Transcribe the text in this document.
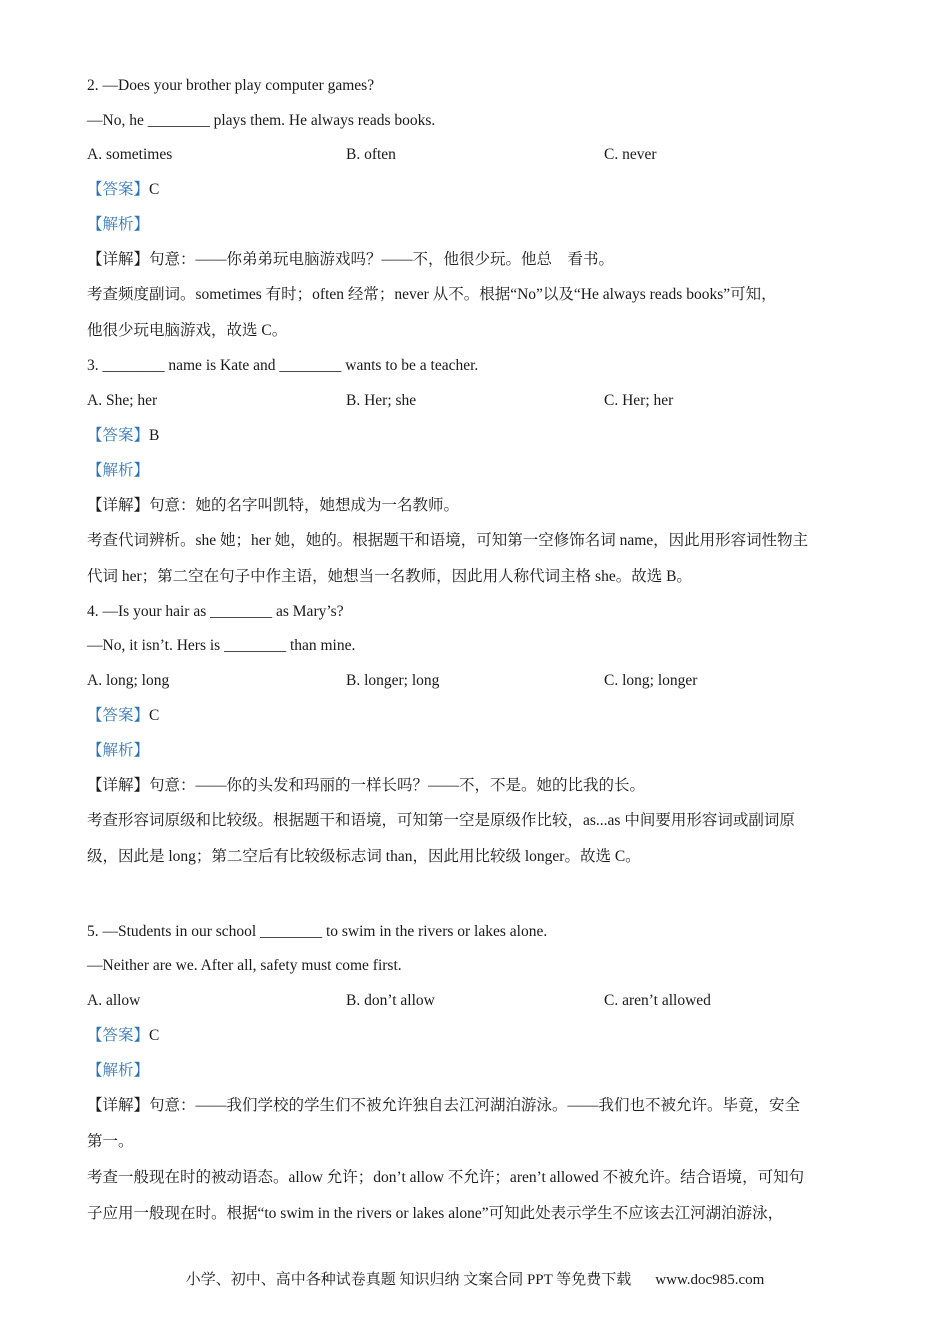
2. —Does your brother play computer games?
—No, he ________ plays them. He always reads books.
A. sometimes	B. often	C. never
【答案】C
【解析】
【详解】句意：——你弟弟玩电脑游戏吗？——不，他很少玩。他总　看书。
考查频度副词。sometimes 有时；often 经常；never 从不。根据“No”以及“He always reads books”可知，
他很少玩电脑游戏，故选 C。
3. ________ name is Kate and ________ wants to be a teacher.
A. She; her	B. Her; she	C. Her; her
【答案】B
【解析】
【详解】句意：她的名字叫凯特，她想成为一名教师。
考查代词辨析。she 她；her 她，她的。根据题干和语境，可知第一空修饰名词 name，因此用形容词性物主
代词 her；第二空在句子中作主语，她想当一名教师，因此用人称代词主格 she。故选 B。
4. —Is your hair as ________ as Mary’s?
—No, it isn’t. Hers is ________ than mine.
A. long; long	B. longer; long	C. long; longer
【答案】C
【解析】
【详解】句意：——你的头发和玛丽的一样长吗？——不，不是。她的比我的长。
考查形容词原级和比较级。根据题干和语境，可知第一空是原级作比较，as...as 中间要用形容词或副词原
级，因此是 long；第二空后有比较级标志词 than，因此用比较级 longer。故选 C。
5. —Students in our school ________ to swim in the rivers or lakes alone.
—Neither are we. After all, safety must come first.
A. allow	B. don’t allow	C. aren’t allowed
【答案】C
【解析】
【详解】句意：——我们学校的学生们不被允许独自去江河湖泊游泳。——我们也不被允许。毕竟，安全
第一。
考查一般现在时的被动语态。allow 允许；don’t allow 不允许；aren’t allowed 不被允许。结合语境，可知句
子应用一般现在时。根据“to swim in the rivers or lakes alone”可知此处表示学生不应该去江河湖泊游泳，
小学、初中、高中各种试卷真题 知识归纳 文案合同 PPT 等免费下载 www.doc985.com
